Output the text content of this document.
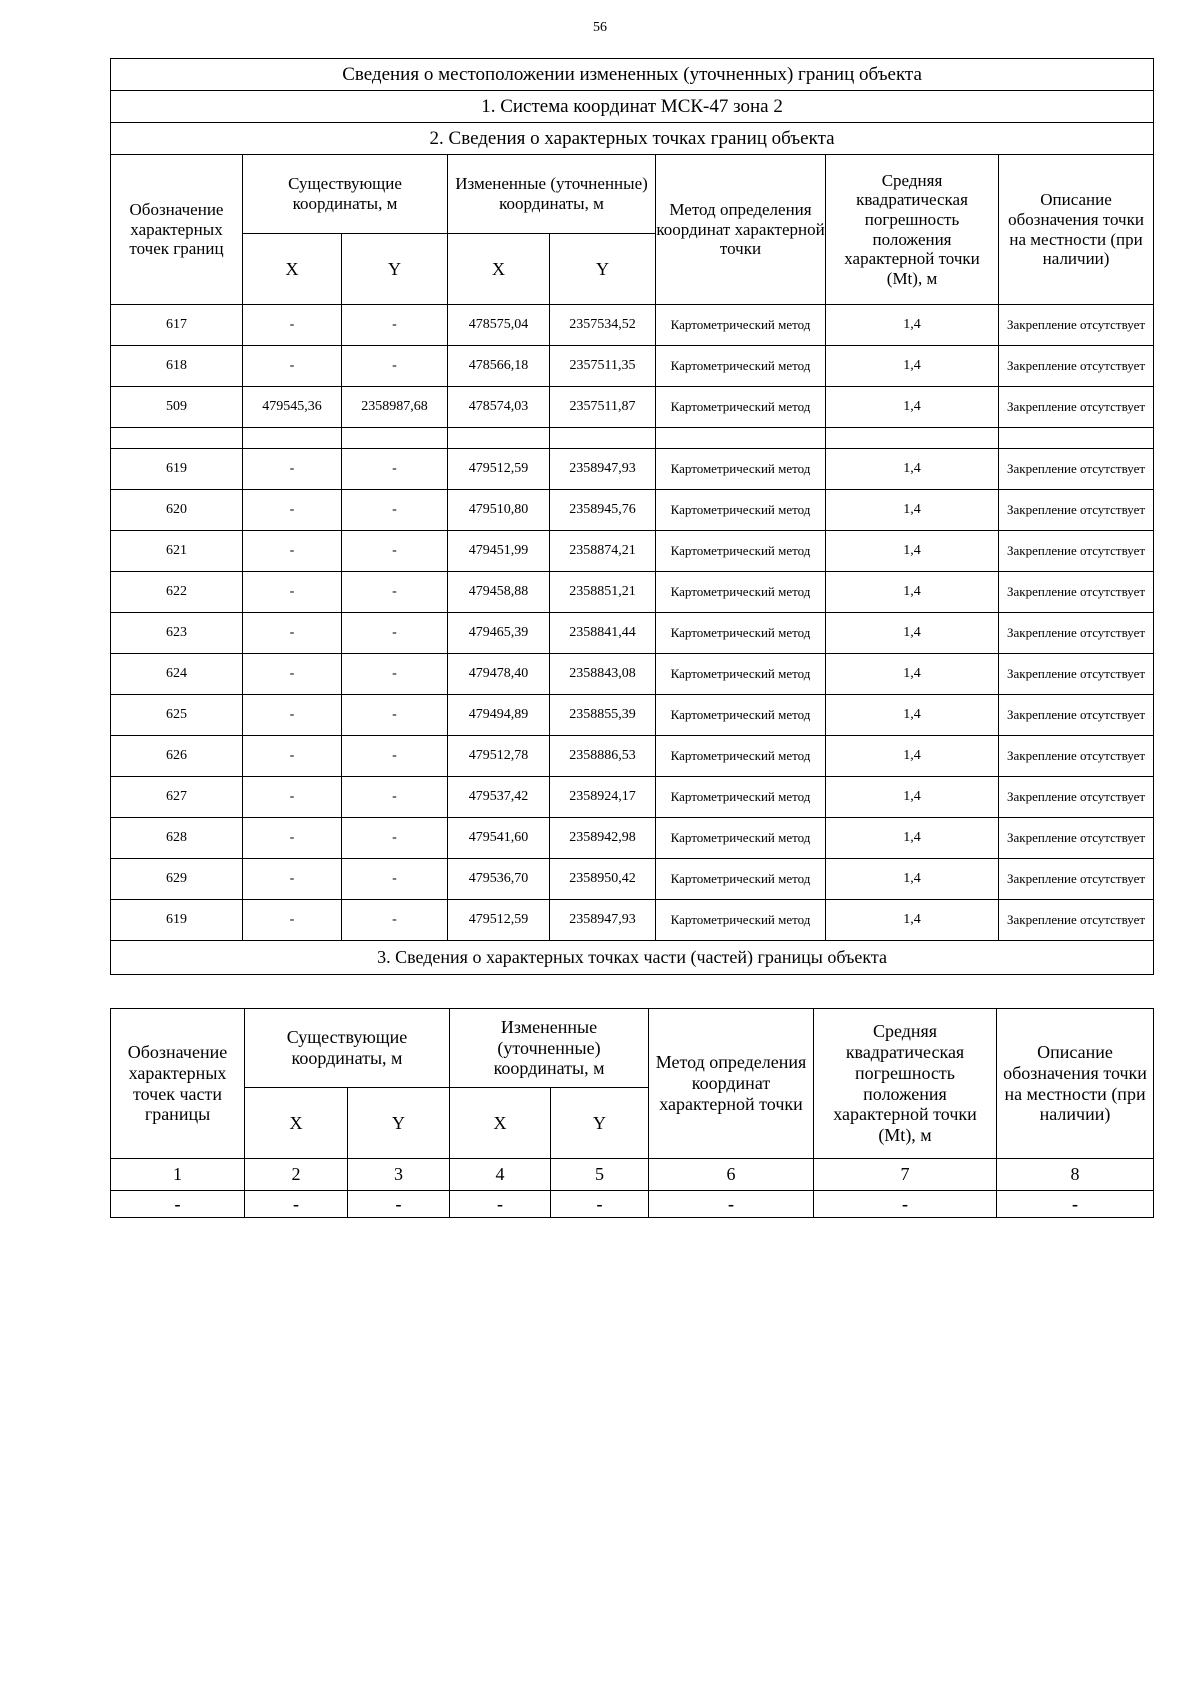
56
Сведения о местоположении измененных (уточненных) границ объекта							
1. Система координат МСК-47 зона 2							
2. Сведения о характерных точках границ объекта							
Обозначение характерных точек границ	Существующие координаты, м		Измененные (уточненные) координаты, м		Метод определения координат характерной точки	Средняя квадратическая погрешность положения характерной точки (Mt), м	Описание обозначения точки на местности (при наличии)
	X	Y	X	Y			
617	-	-	478575,04	2357534,52	Картометрический метод	1,4	Закрепление отсутствует
618	-	-	478566,18	2357511,35	Картометрический метод	1,4	Закрепление отсутствует
509	479545,36	2358987,68	478574,03	2357511,87	Картометрический метод	1,4	Закрепление отсутствует

619	-	-	479512,59	2358947,93	Картометрический метод	1,4	Закрепление отсутствует
620	-	-	479510,80	2358945,76	Картометрический метод	1,4	Закрепление отсутствует
621	-	-	479451,99	2358874,21	Картометрический метод	1,4	Закрепление отсутствует
622	-	-	479458,88	2358851,21	Картометрический метод	1,4	Закрепление отсутствует
623	-	-	479465,39	2358841,44	Картометрический метод	1,4	Закрепление отсутствует
624	-	-	479478,40	2358843,08	Картометрический метод	1,4	Закрепление отсутствует
625	-	-	479494,89	2358855,39	Картометрический метод	1,4	Закрепление отсутствует
626	-	-	479512,78	2358886,53	Картометрический метод	1,4	Закрепление отсутствует
627	-	-	479537,42	2358924,17	Картометрический метод	1,4	Закрепление отсутствует
628	-	-	479541,60	2358942,98	Картометрический метод	1,4	Закрепление отсутствует
629	-	-	479536,70	2358950,42	Картометрический метод	1,4	Закрепление отсутствует
619	-	-	479512,59	2358947,93	Картометрический метод	1,4	Закрепление отсутствует
3. Сведения о характерных точках части (частей) границы объекта							
Обозначение характерных точек части границы	Существующие координаты, м		Измененные (уточненные) координаты, м		Метод определения координат характерной точки	Средняя квадратическая погрешность положения характерной точки (Mt), м	Описание обозначения точки на местности (при наличии)
	X	Y	X	Y			
1	2	3	4	5	6	7	8
-	-	-	-	-	-	-	-
